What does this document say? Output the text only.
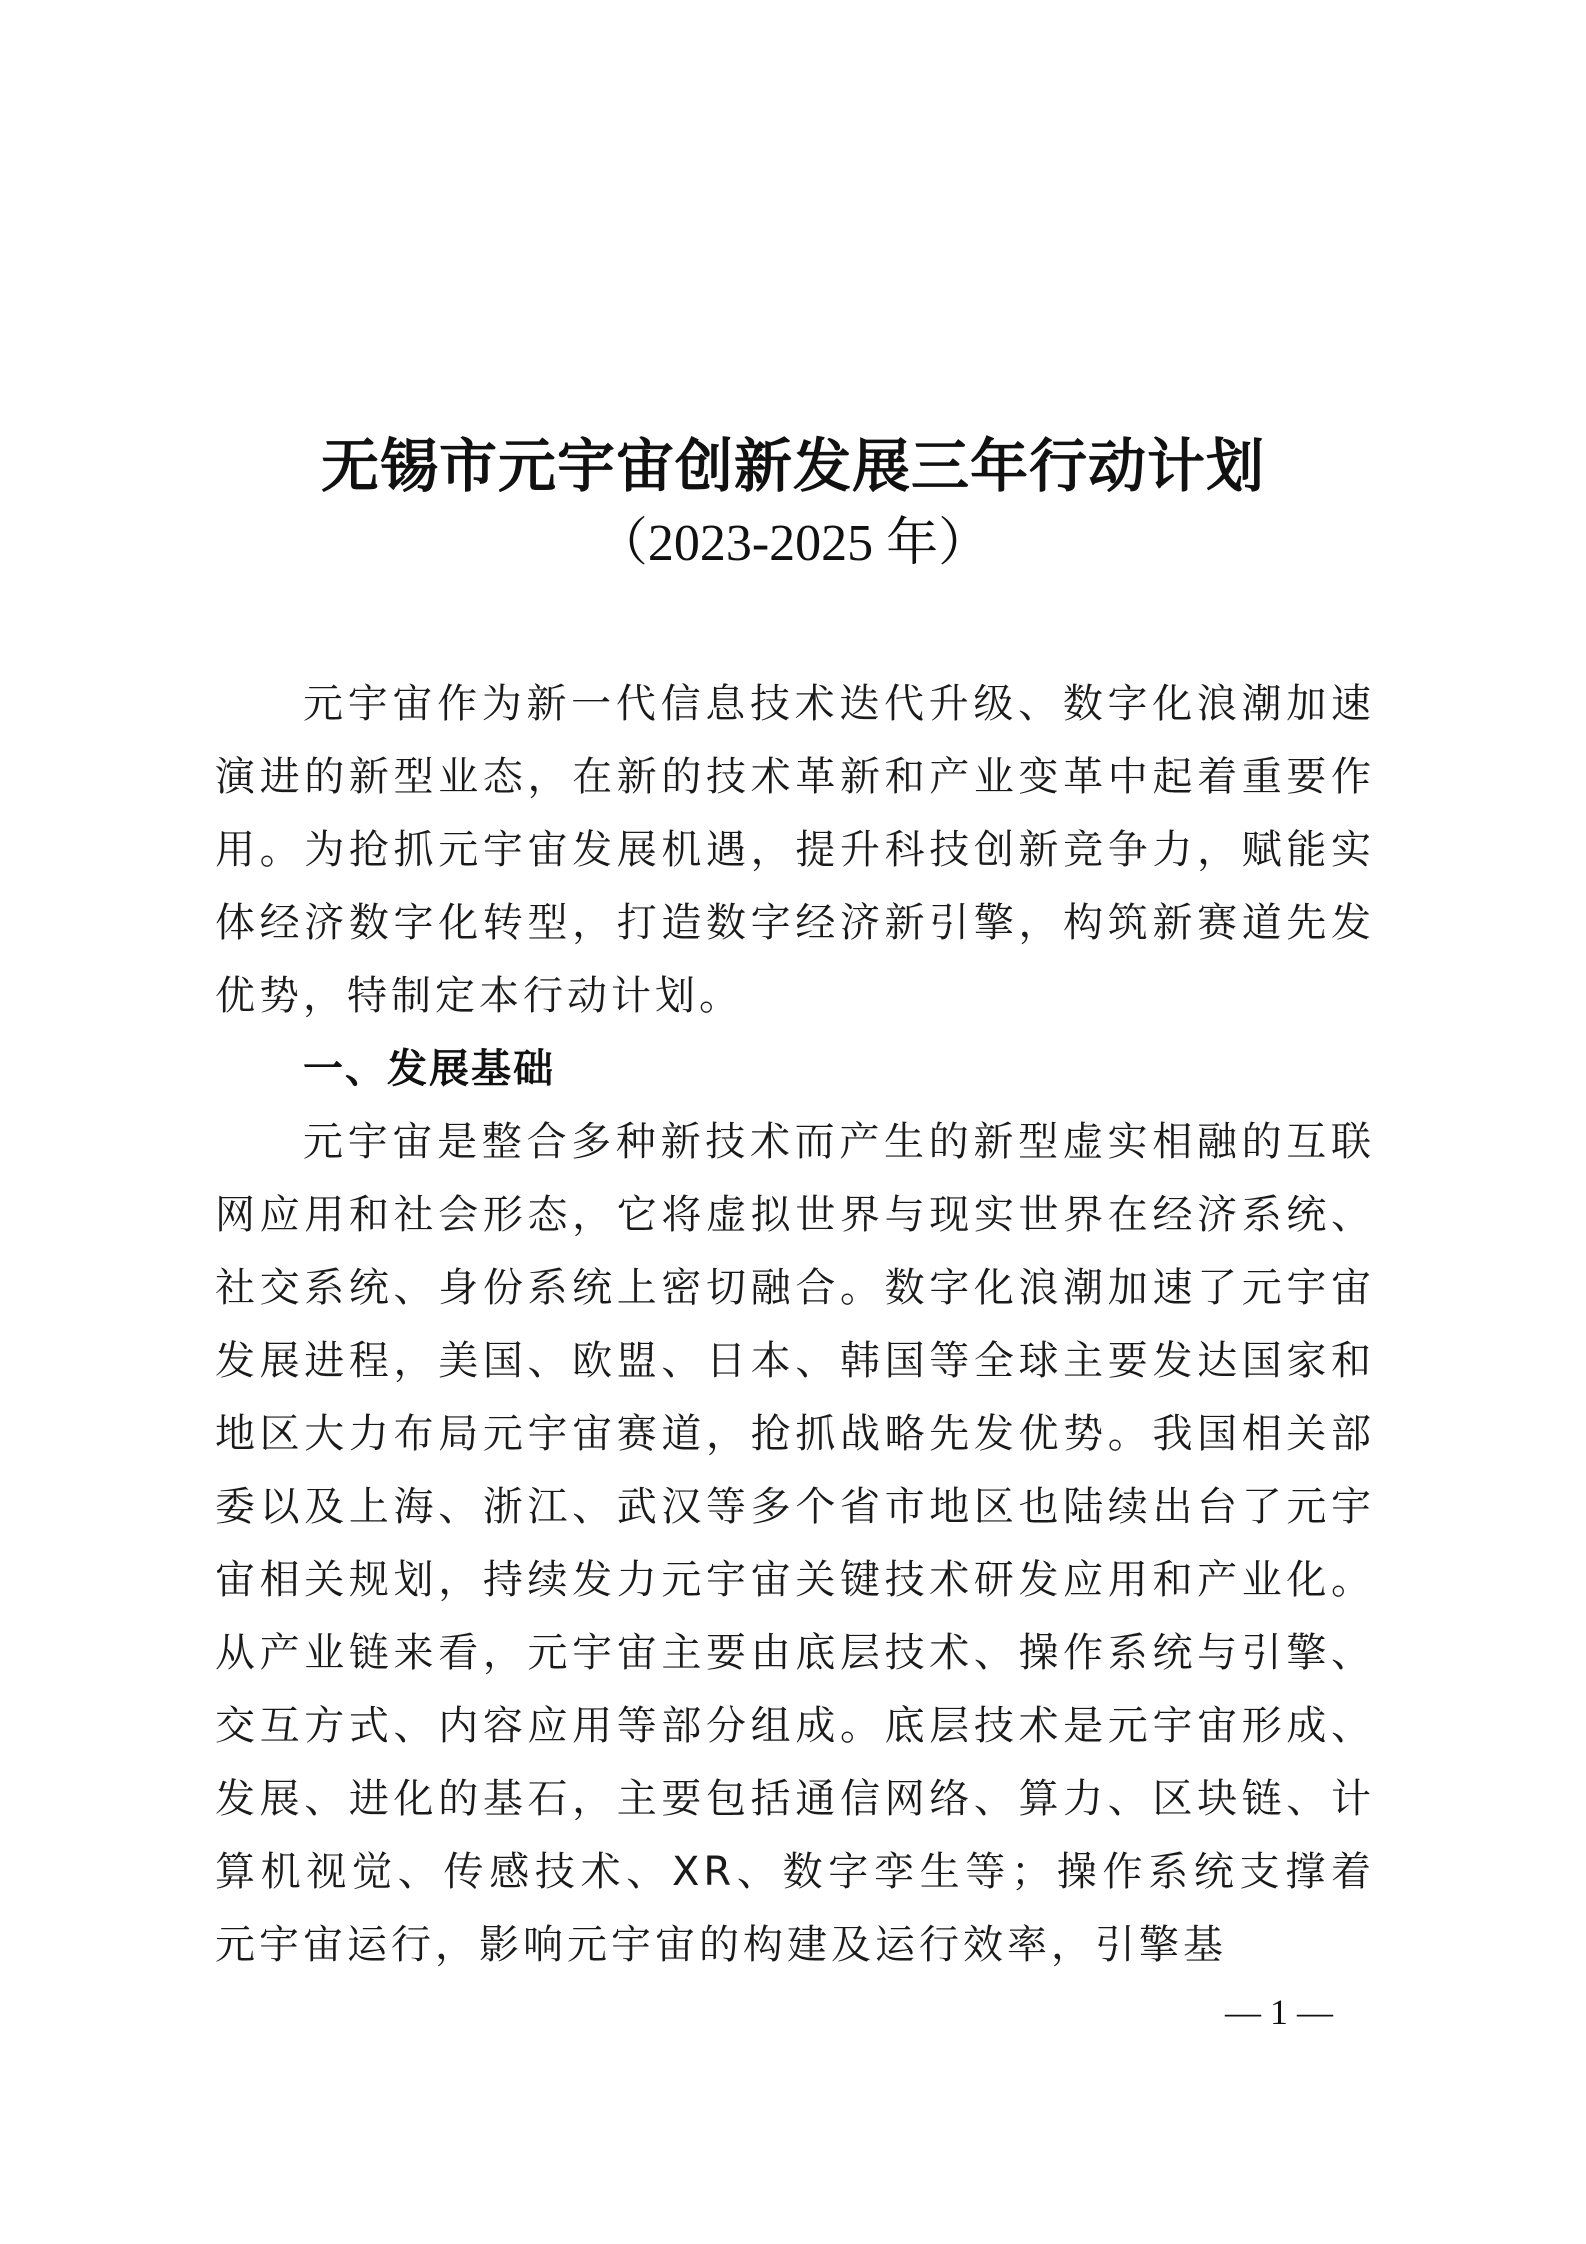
无锡市元宇宙创新发展三年行动计划

（2023-2025 年）

元宇宙作为新一代信息技术迭代升级、数字化浪潮加速演进的新型业态，在新的技术革新和产业变革中起着重要作用。为抢抓元宇宙发展机遇，提升科技创新竞争力，赋能实体经济数字化转型，打造数字经济新引擎，构筑新赛道先发优势，特制定本行动计划。

一、发展基础

元宇宙是整合多种新技术而产生的新型虚实相融的互联网应用和社会形态，它将虚拟世界与现实世界在经济系统、社交系统、身份系统上密切融合。数字化浪潮加速了元宇宙发展进程，美国、欧盟、日本、韩国等全球主要发达国家和地区大力布局元宇宙赛道，抢抓战略先发优势。我国相关部委以及上海、浙江、武汉等多个省市地区也陆续出台了元宇宙相关规划，持续发力元宇宙关键技术研发应用和产业化。从产业链来看，元宇宙主要由底层技术、操作系统与引擎、交互方式、内容应用等部分组成。底层技术是元宇宙形成、发展、进化的基石，主要包括通信网络、算力、区块链、计算机视觉、传感技术、XR、数字孪生等；操作系统支撑着元宇宙运行，影响元宇宙的构建及运行效率，引擎基

— 1 —
